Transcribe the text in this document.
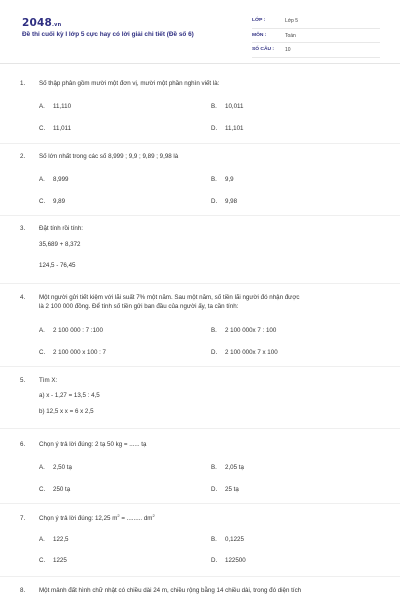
2048.vn
Đề thi cuối kỳ I lớp 5 cực hay có lời giải chi tiết (Đề số 6)
LỚP :	Lớp 5
MÔN :	Toán
SỐ CÂU : 10
1.	Số thập phân gồm mười một đơn vị, mười một phần nghìn viết là:
A. 11,110	B. 10,011
C. 11,011	D. 11,101
2.	Số lớn nhất trong các số 8,999 ; 9,9 ; 9,89 ; 9,98 là
A. 8,999	B. 9,9
C. 9,89	D. 9,98
3.	Đặt tính rồi tính:
35,689 + 8,372
124,5 - 76,45
4.	Một người gửi tiết kiệm với lãi suất 7% một năm. Sau một năm, số tiền lãi người đó nhận được
là 2 100 000 đồng. Để tính số tiền gửi ban đầu của người ấy, ta cần tính:
A. 2 100 000 : 7 :100	B. 2 100 000x 7 : 100
C. 2 100 000 x 100 : 7	D. 2 100 000x 7 x 100
5.	Tìm X:
a) x - 1,27 = 13,5 : 4,5
b) 12,5 x x = 6 x 2,5
6.	Chọn ý trả lời đúng: 2 tạ 50 kg = ...... tạ
A. 2,50 tạ	B. 2,05 tạ
C. 250 tạ	D. 25 tạ
7.	Chọn ý trả lời đúng: 12,25 $m^2$ = ......... $dm^2$
A. 122,5	B. 0,1225
C. 1225	D. 122500
8.	Một mảnh đất hình chữ nhật có chiều dài 24 m, chiều rộng bằng 14 chiều dài, trong đó diện tích
